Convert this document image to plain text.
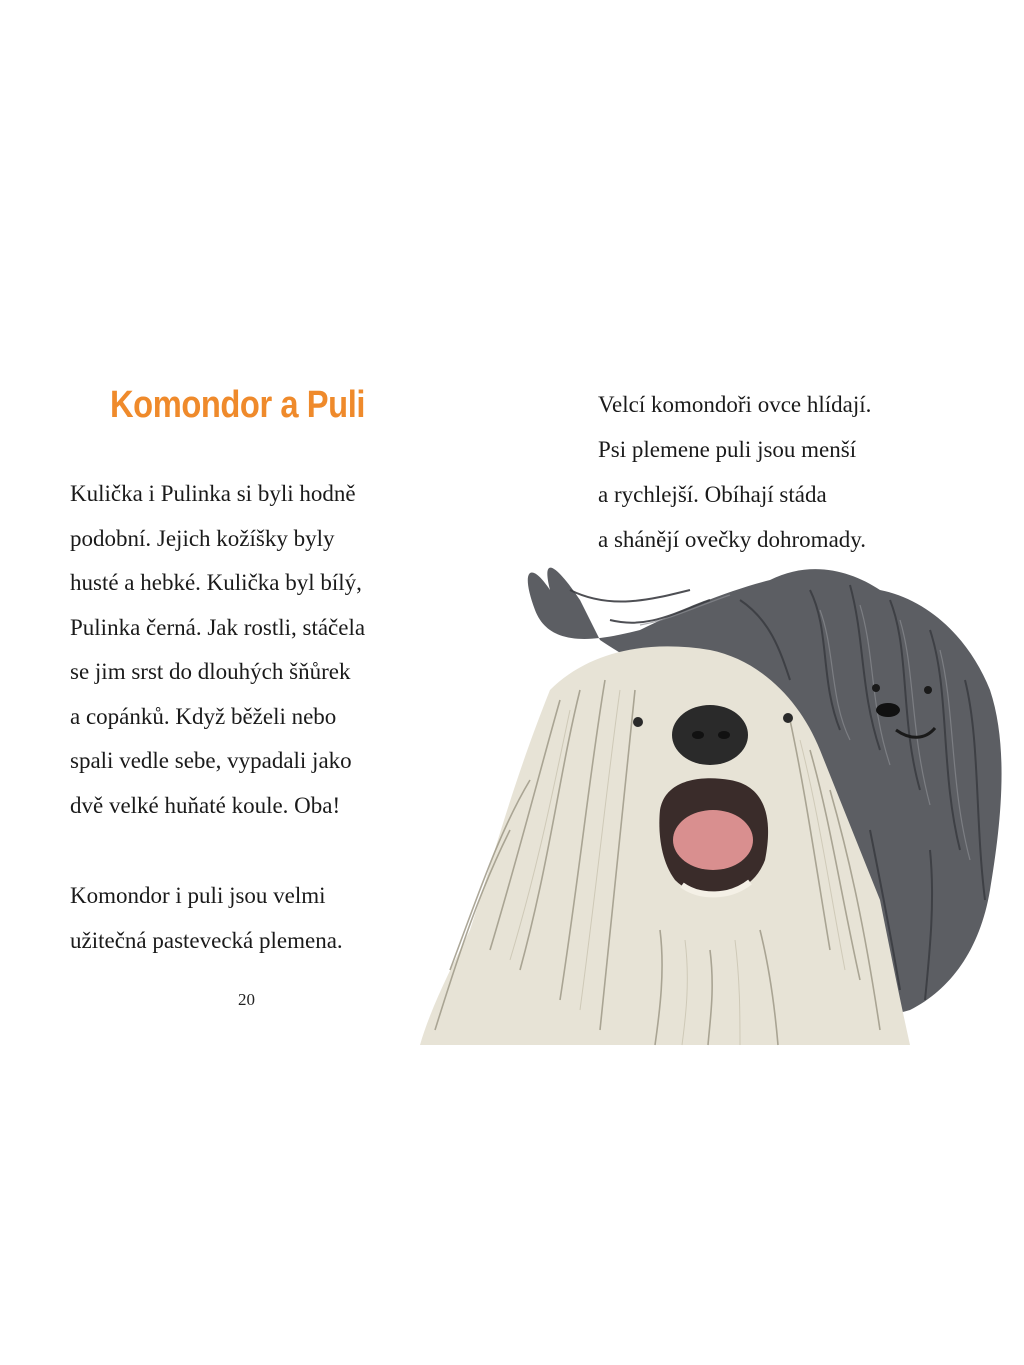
Komondor a Puli

Kulička i Pulinka si byli hodně
podobní. Jejich kožíšky byly
husté a hebké. Kulička byl bílý,
Pulinka černá. Jak rostli, stáčela
se jim srst do dlouhých šňůrek
a copánků. Když běželi nebo
spali vedle sebe, vypadali jako
dvě velké huňaté koule. Oba!

Komondor i puli jsou velmi
užitečná pastevecká plemena.

20

Velcí komondoři ovce hlídají.
Psi plemene puli jsou menší
a rychlejší. Obíhají stáda
a shánějí ovečky dohromady.
